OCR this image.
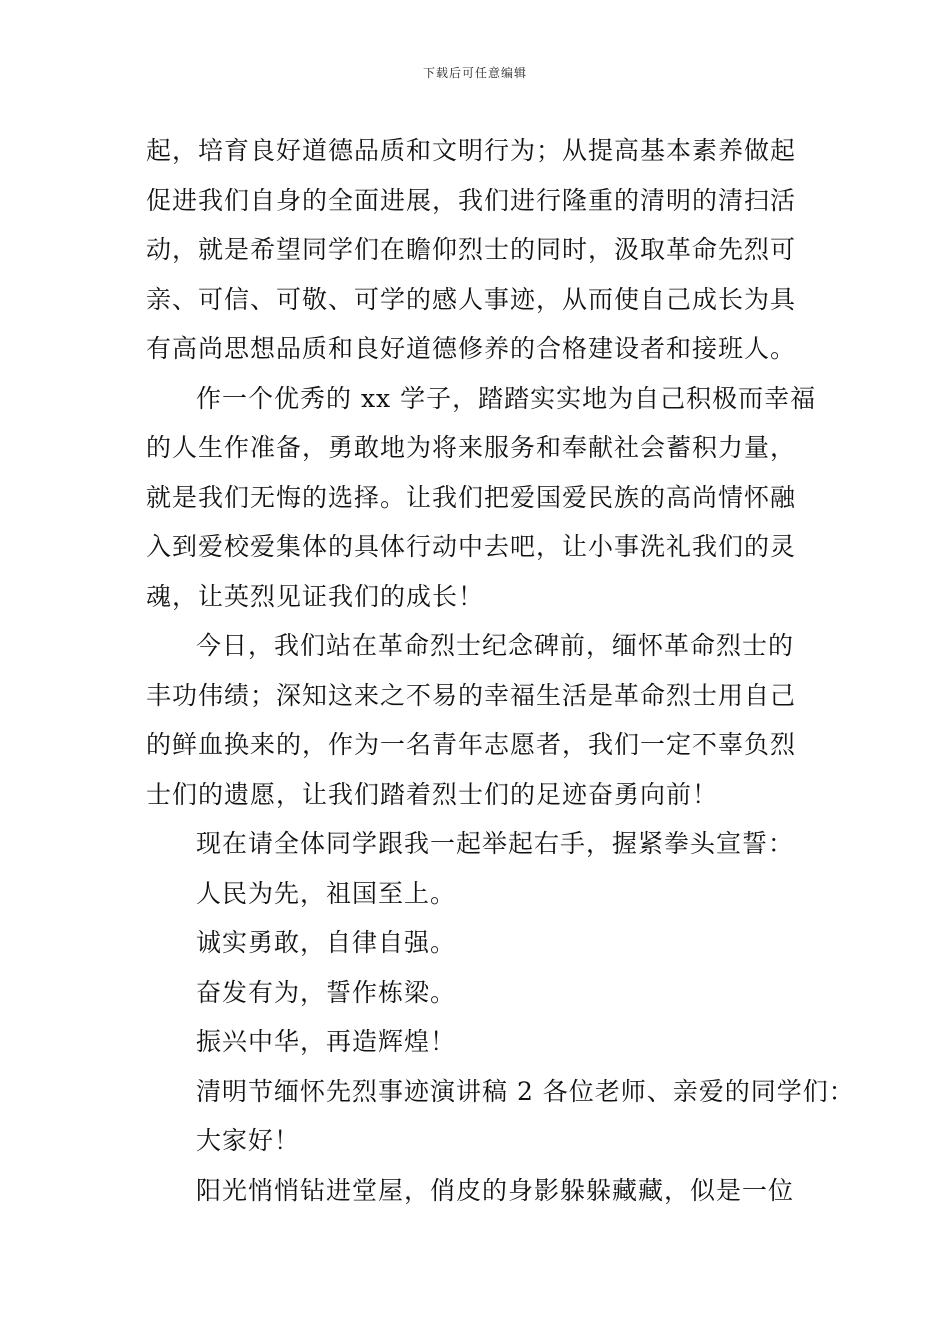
下载后可任意编辑
起，培育良好道德品质和文明行为；从提高基本素养做起
促进我们自身的全面进展，我们进行隆重的清明的清扫活
动，就是希望同学们在瞻仰烈士的同时，汲取革命先烈可
亲、可信、可敬、可学的感人事迹，从而使自己成长为具
有高尚思想品质和良好道德修养的合格建设者和接班人。
作一个优秀的 xx 学子，踏踏实实地为自己积极而幸福
的人生作准备，勇敢地为将来服务和奉献社会蓄积力量，
就是我们无悔的选择。让我们把爱国爱民族的高尚情怀融
入到爱校爱集体的具体行动中去吧，让小事洗礼我们的灵
魂，让英烈见证我们的成长！
今日，我们站在革命烈士纪念碑前，缅怀革命烈士的
丰功伟绩；深知这来之不易的幸福生活是革命烈士用自己
的鲜血换来的，作为一名青年志愿者，我们一定不辜负烈
士们的遗愿，让我们踏着烈士们的足迹奋勇向前！
现在请全体同学跟我一起举起右手，握紧拳头宣誓：
人民为先，祖国至上。
诚实勇敢，自律自强。
奋发有为，誓作栋梁。
振兴中华，再造辉煌！
清明节缅怀先烈事迹演讲稿 2 各位老师、亲爱的同学们：
大家好！
阳光悄悄钻进堂屋，俏皮的身影躲躲藏藏，似是一位
